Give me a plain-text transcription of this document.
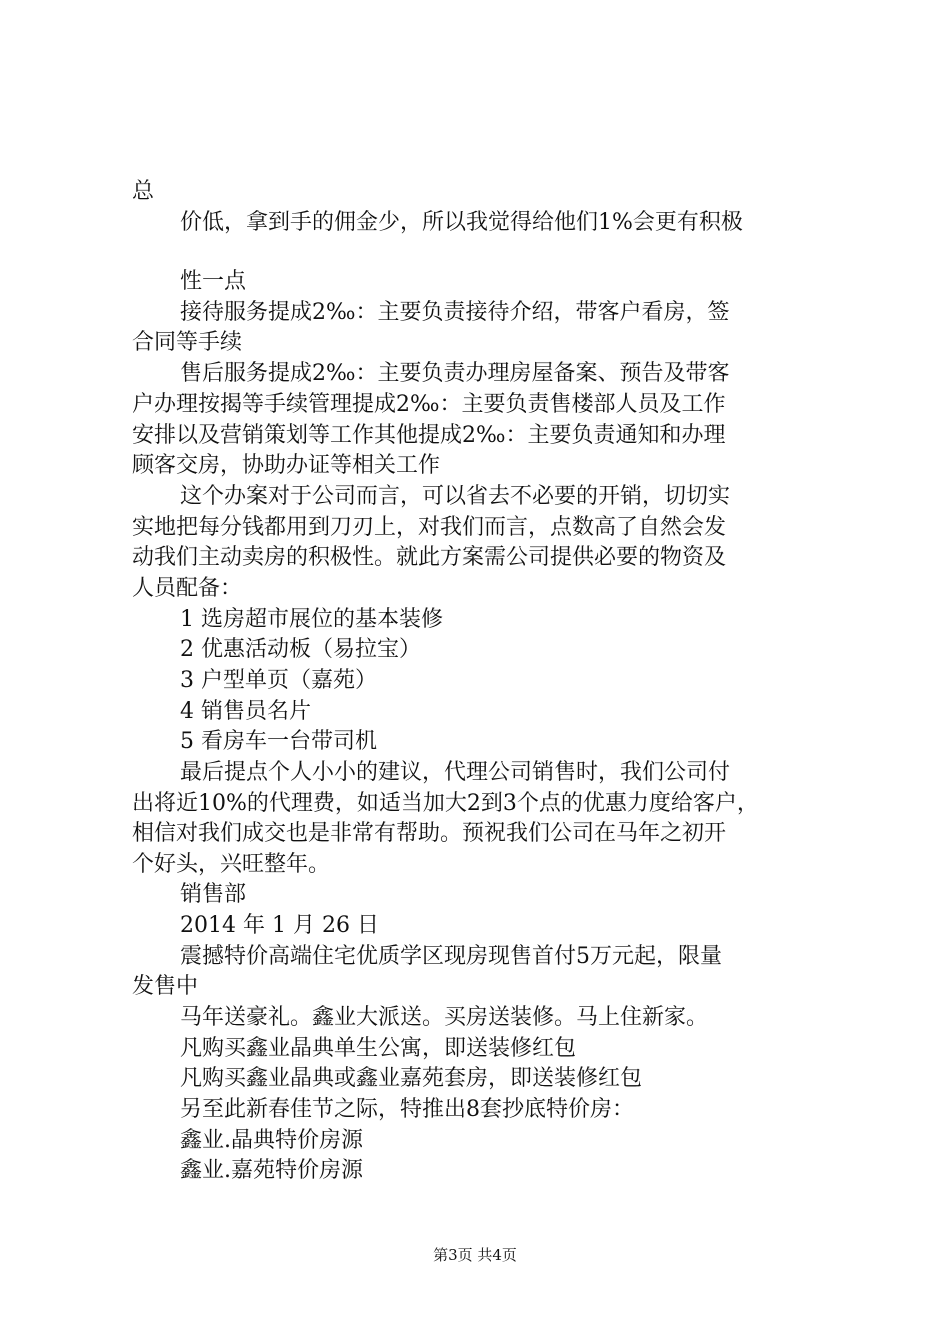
总
价低，拿到手的佣金少，所以我觉得给他们1%会更有积极
性一点
接待服务提成2‰：主要负责接待介绍，带客户看房，签
合同等手续
售后服务提成2‰：主要负责办理房屋备案、预告及带客
户办理按揭等手续管理提成2‰：主要负责售楼部人员及工作
安排以及营销策划等工作其他提成2‰：主要负责通知和办理
顾客交房，协助办证等相关工作
这个办案对于公司而言，可以省去不必要的开销，切切实
实地把每分钱都用到刀刃上，对我们而言，点数高了自然会发
动我们主动卖房的积极性。就此方案需公司提供必要的物资及
人员配备：
1 选房超市展位的基本装修
2 优惠活动板（易拉宝）
3 户型单页（嘉苑）
4 销售员名片
5 看房车一台带司机
最后提点个人小小的建议，代理公司销售时，我们公司付
出将近10%的代理费，如适当加大2到3个点的优惠力度给客户，
相信对我们成交也是非常有帮助。预祝我们公司在马年之初开
个好头，兴旺整年。
销售部
2014 年 1 月 26 日
震撼特价高端住宅优质学区现房现售首付5万元起，限量
发售中
马年送豪礼。鑫业大派送。买房送装修。马上住新家。
凡购买鑫业晶典单生公寓，即送装修红包
凡购买鑫业晶典或鑫业嘉苑套房，即送装修红包
另至此新春佳节之际，特推出8套抄底特价房：
鑫业.晶典特价房源
鑫业.嘉苑特价房源
第3页 共4页
